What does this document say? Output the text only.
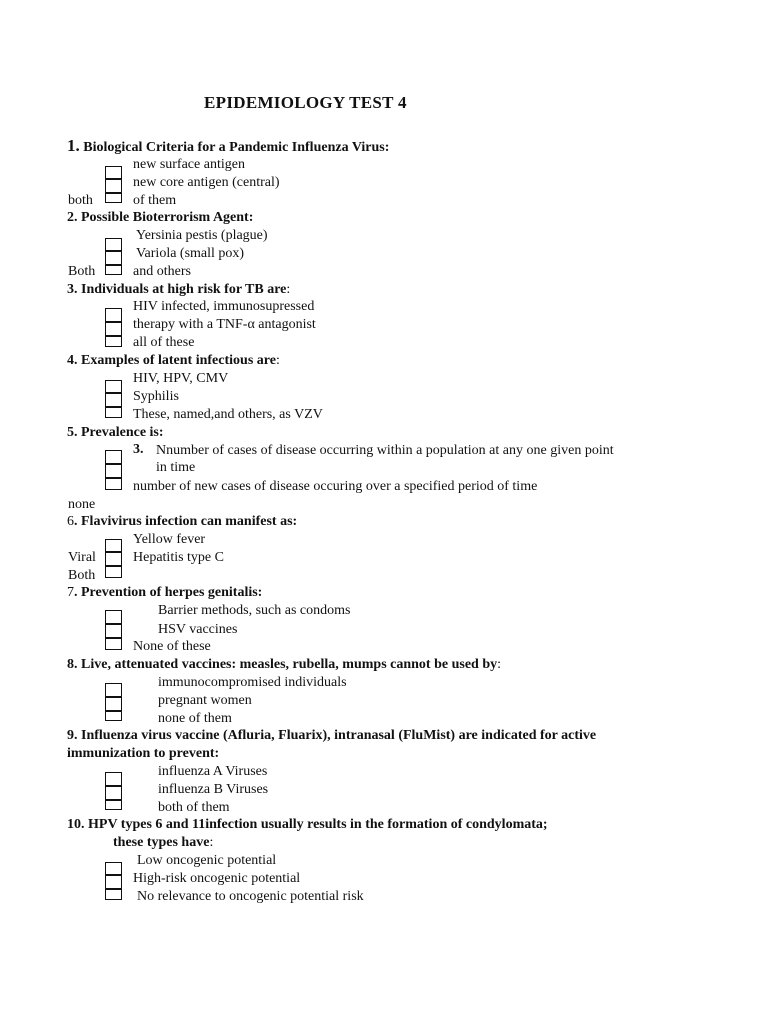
EPIDEMIOLOGY TEST 4
1. Biological Criteria for a Pandemic Influenza Virus:
new surface antigen
new core antigen (central)
both	of them
2. Possible Bioterrorism Agent:
Yersinia pestis (plague)
Variola (small pox)
Both	and others
3. Individuals at high risk for TB are:
HIV infected, immunosupressed
therapy with a TNF-α antagonist
all of these
4. Examples of latent infectious are:
HIV, HPV, CMV
Syphilis
These, named,and others, as VZV
5. Prevalence is:
3. Nnumber of cases of disease occurring within a population at any one given point
in time
number of new cases of disease occuring over a specified period of time
none
6. Flavivirus infection can manifest as:
Yellow fever
Viral	Hepatitis type C
Both
7. Prevention of herpes genitalis:
Barrier methods, such as condoms
HSV vaccines
None of these
8. Live, attenuated vaccines: measles, rubella, mumps cannot be used by:
immunocompromised individuals
pregnant women
none of them
9. Influenza virus vaccine (Afluria, Fluarix), intranasal (FluMist) are indicated for active
immunization to prevent:
influenza A Viruses
influenza B Viruses
both of them
10. HPV types 6 and 11infection usually results in the formation of condylomata;
these types have:
Low oncogenic potential
High-risk oncogenic potential
No relevance to oncogenic potential risk
